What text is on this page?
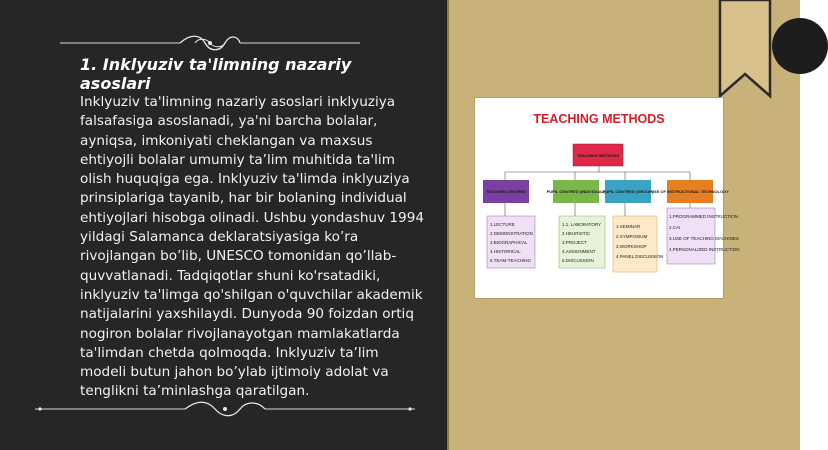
1. Inklyuziv ta'limning nazariy asoslari

Inklyuziv ta'limning nazariy asoslari inklyuziya falsafasiga asoslanadi, ya'ni barcha bolalar, ayniqsa, imkoniyati cheklangan va maxsus ehtiyojli bolalar umumiy ta’lim muhitida ta'lim olish huquqiga ega. Inklyuziv ta'limda inklyuziya prinsiplariga tayanib, har bir bolaning individual ehtiyojlari hisobga olinadi. Ushbu yondashuv 1994 yildagi Salamanca deklaratsiyasiga ko’ra rivojlangan bo’lib, UNESCO tomonidan qo’llab-quvvatlanadi. Tadqiqotlar shuni ko'rsatadiki, inklyuziv ta'limga qo'shilgan o'quvchilar akademik natijalarini yaxshilaydi. Dunyoda 90 foizdan ortiq nogiron bolalar rivojlanayotgan mamlakatlarda ta'limdan chetda qolmoqda. Inklyuziv ta’lim modeli butun jahon bo’ylab ijtimoiy adolat va tenglikni ta’minlashga qaratilgan.

TEACHING METHODS
TEACHING METHODS
TEACHER CENTRED	PUPIL CENTRED (INDIVIDUAL)
PUPIL CENTRED (GROUP)
USE OF INSTRUCTIONAL TECHNOLOGY
1.LECTURE
2.DEMONSTRATION
3.BIOGRAPHICAL
4.HISTORICAL
5.TEAM-TEACHING
1.1. LABORATORY
2.HEURISTIC
3.PROJECT
4.ASSIGNMENT
5.DISCUSSION
1.SEMINAR
2.SYMPOSIUM
3.WORKSHOP
4.PANEL DISCUSSION
1.PROGRAMMED INSTRUCTION
2.CAI
3.USE OF TEACHING MACHINES
4.PERSONALIZED INSTRUCTION
